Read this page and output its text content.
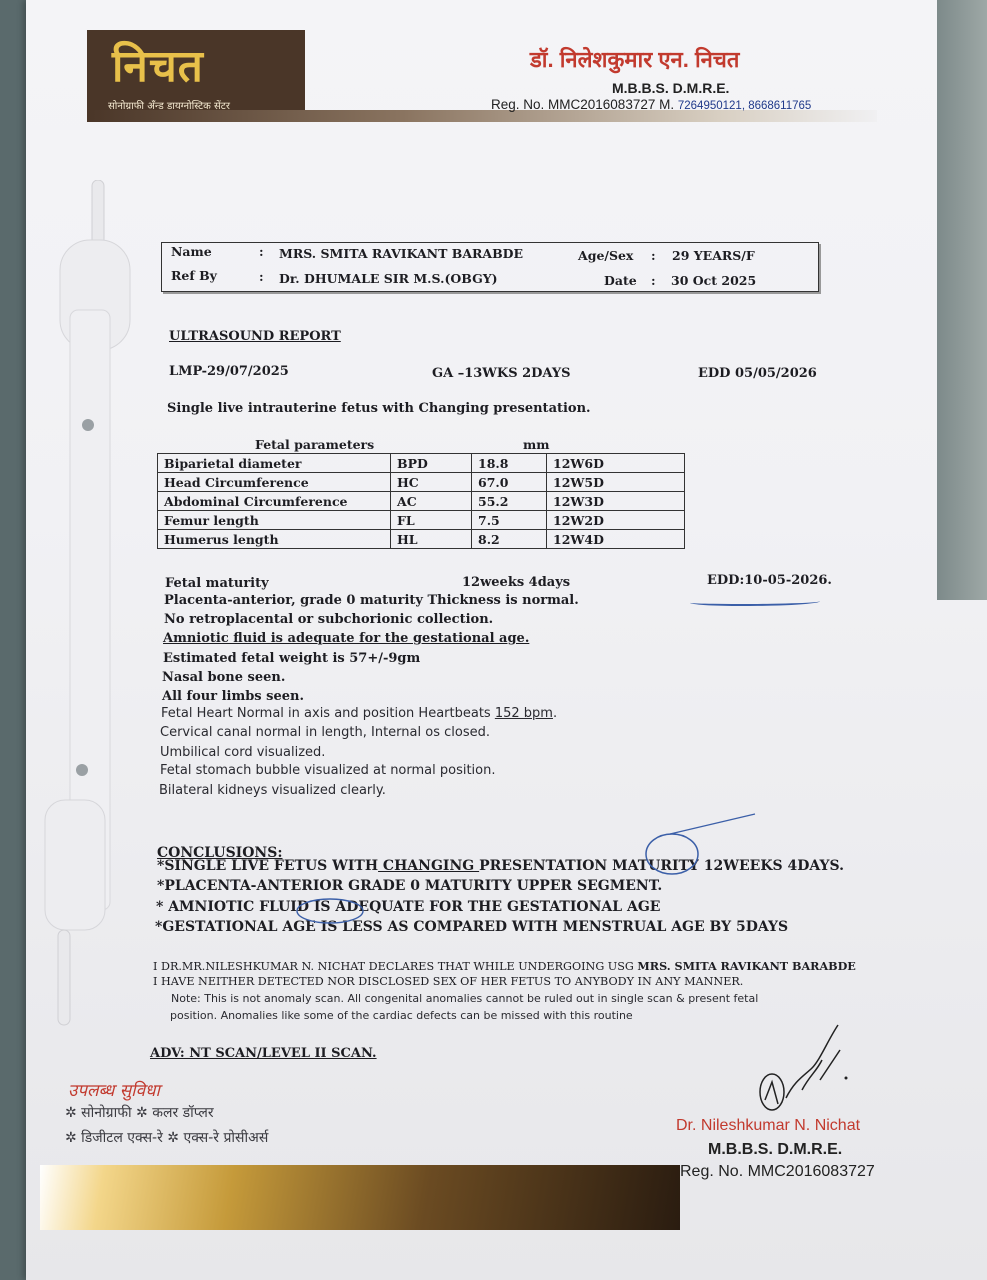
निचत
सोनोग्राफी अँन्ड डायग्नोस्टिक सेंटर
डॉ. निलेशकुमार एन. निचत
M.B.B.S. D.M.R.E.
Reg. No. MMC2016083727 M. 7264950121, 8668611765
Name	: MRS. SMITA RAVIKANT BARABDE	Age/Sex : 29 YEARS/F
Ref By	: Dr. DHUMALE SIR M.S.(OBGY)	Date : 30 Oct 2025
ULTRASOUND REPORT
LMP-29/07/2025	GA –13WKS 2DAYS	EDD 05/05/2026
Single live intrauterine fetus with Changing presentation.
Fetal parameters	mm
Biparietal diameter	BPD	18.8	12W6D
Head Circumference	HC	67.0	12W5D
Abdominal Circumference	AC	55.2	12W3D
Femur length	FL	7.5	12W2D
Humerus length	HL	8.2	12W4D
Fetal maturity	12weeks 4days	EDD:10-05-2026.
Placenta-anterior, grade 0 maturity Thickness is normal.
No retroplacental or subchorionic collection.
Amniotic fluid is adequate for the gestational age.
Estimated fetal weight is 57+/-9gm
Nasal bone seen.
All four limbs seen.
Fetal Heart Normal in axis and position Heartbeats 152 bpm.
Cervical canal normal in length, Internal os closed.
Umbilical cord visualized.
Fetal stomach bubble visualized at normal position.
Bilateral kidneys visualized clearly.
CONCLUSIONS:
*SINGLE LIVE FETUS WITH CHANGING PRESENTATION MATURITY 12WEEKS 4DAYS.
*PLACENTA-ANTERIOR GRADE 0 MATURITY UPPER SEGMENT.
* AMNIOTIC FLUID IS ADEQUATE FOR THE GESTATIONAL AGE
*GESTATIONAL AGE IS LESS AS COMPARED WITH MENSTRUAL AGE BY 5DAYS
I DR.MR.NILESHKUMAR N. NICHAT DECLARES THAT WHILE UNDERGOING USG MRS. SMITA RAVIKANT BARABDE
I HAVE NEITHER DETECTED NOR DISCLOSED SEX OF HER FETUS TO ANYBODY IN ANY MANNER.
Note: This is not anomaly scan. All congenital anomalies cannot be ruled out in single scan & present fetal
position. Anomalies like some of the cardiac defects can be missed with this routine
ADV: NT SCAN/LEVEL II SCAN.
उपलब्ध सुविधा
✲ सोनोग्राफी ✲ कलर डॉप्लर
✲ डिजीटल एक्स-रे ✲ एक्स-रे प्रोसीअर्स
Dr. Nileshkumar N. Nichat
M.B.B.S. D.M.R.E.
Reg. No. MMC2016083727
